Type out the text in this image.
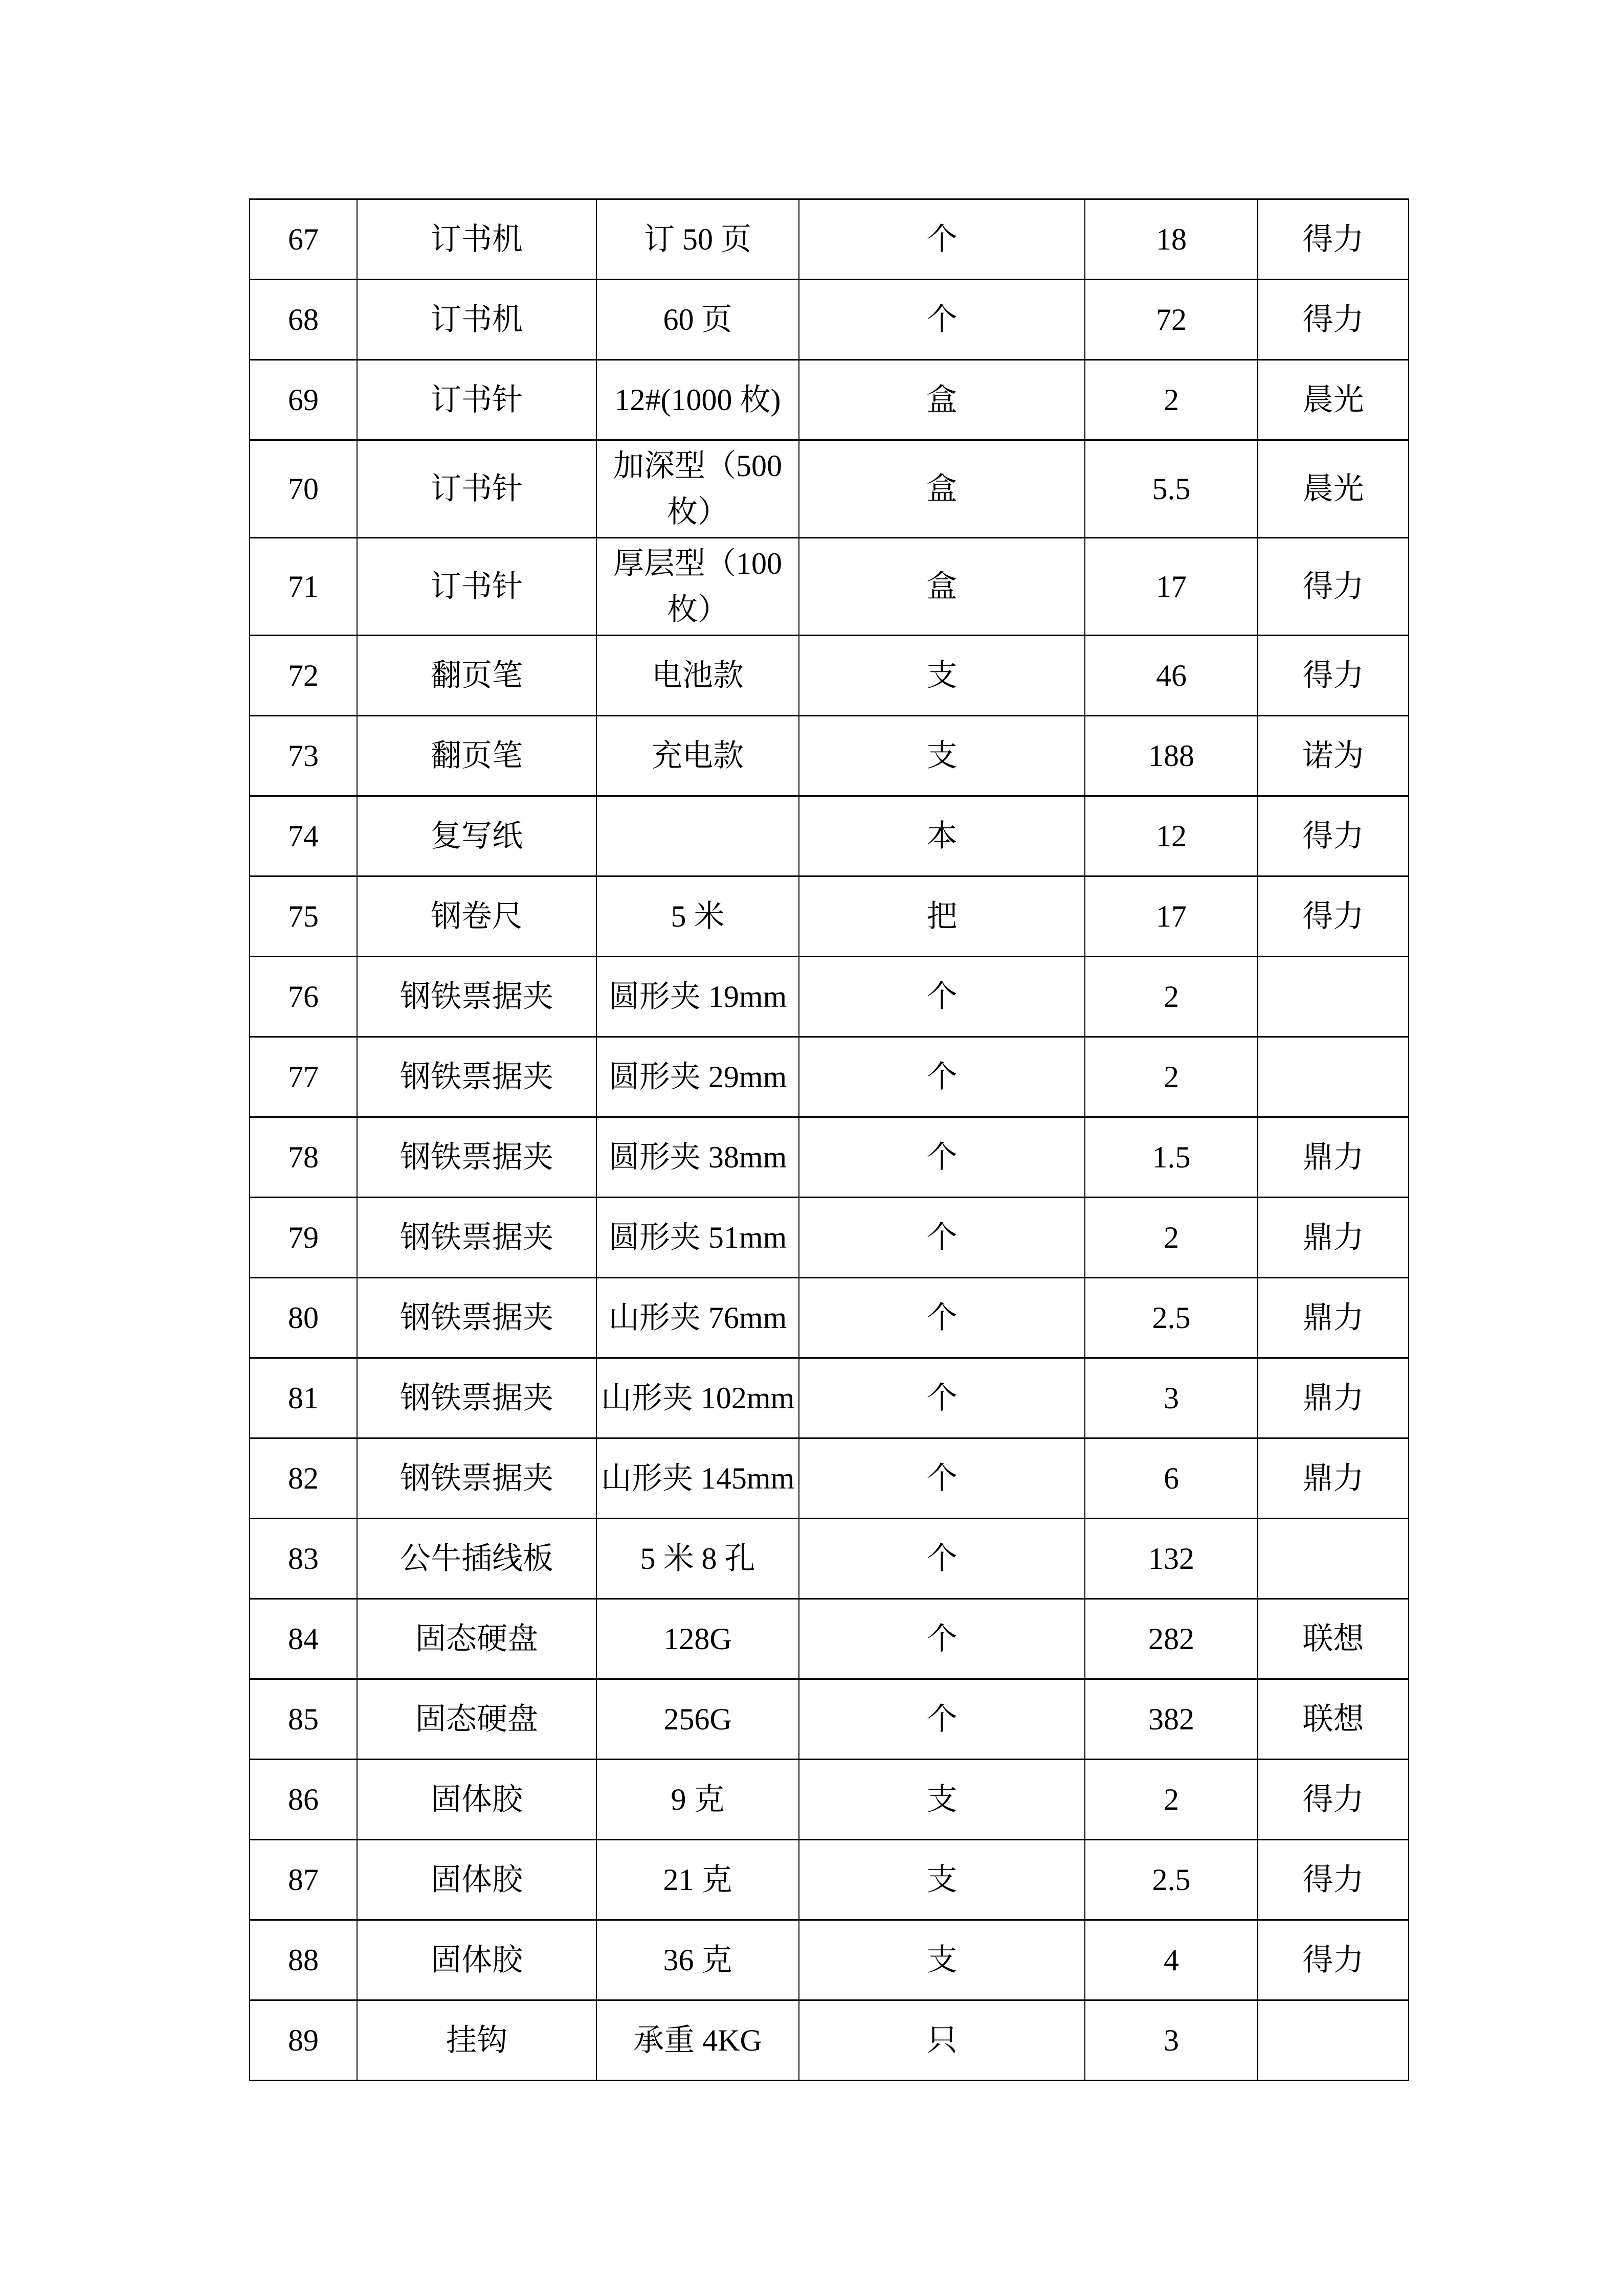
67	订书机	订 50 页	个	18	得力
68	订书机	60 页	个	72	得力
69	订书针	12#(1000 枚)	盒	2	晨光
70	订书针	加深型（500 枚）	盒	5.5	晨光
71	订书针	厚层型（100 枚）	盒	17	得力
72	翻页笔	电池款	支	46	得力
73	翻页笔	充电款	支	188	诺为
74	复写纸		本	12	得力
75	钢卷尺	5 米	把	17	得力
76	钢铁票据夹	圆形夹 19mm	个	2	
77	钢铁票据夹	圆形夹 29mm	个	2	
78	钢铁票据夹	圆形夹 38mm	个	1.5	鼎力
79	钢铁票据夹	圆形夹 51mm	个	2	鼎力
80	钢铁票据夹	山形夹 76mm	个	2.5	鼎力
81	钢铁票据夹	山形夹 102mm	个	3	鼎力
82	钢铁票据夹	山形夹 145mm	个	6	鼎力
83	公牛插线板	5 米 8 孔	个	132	
84	固态硬盘	128G	个	282	联想
85	固态硬盘	256G	个	382	联想
86	固体胶	9 克	支	2	得力
87	固体胶	21 克	支	2.5	得力
88	固体胶	36 克	支	4	得力
89	挂钩	承重 4KG	只	3	
